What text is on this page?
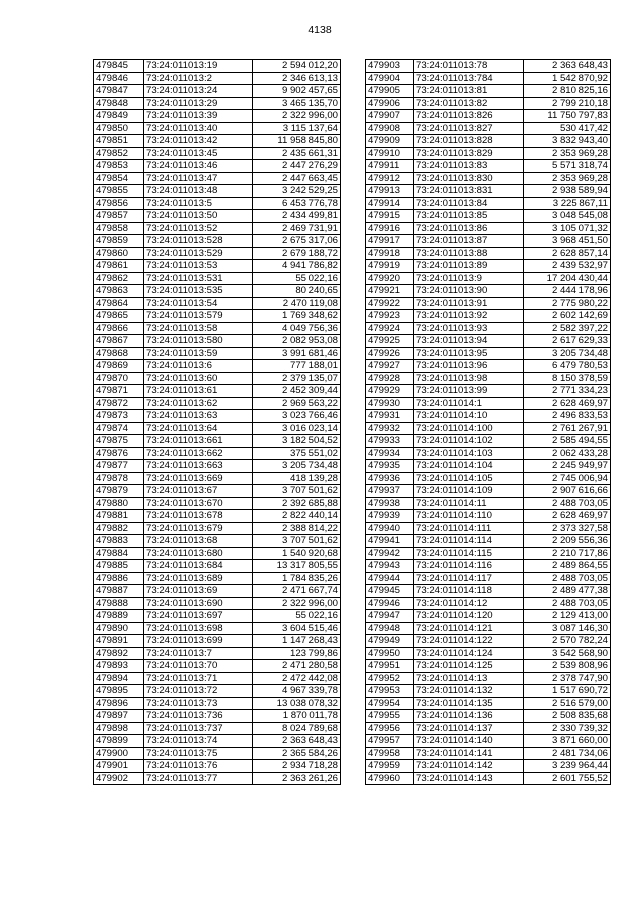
4138
479845	73:24:011013:19	2 594 012,20
479846	73:24:011013:2	2 346 613,13
479847	73:24:011013:24	9 902 457,65
479848	73:24:011013:29	3 465 135,70
479849	73:24:011013:39	2 322 996,00
479850	73:24:011013:40	3 115 137,64
479851	73:24:011013:42	11 958 845,80
479852	73:24:011013:45	2 435 661,31
479853	73:24:011013:46	2 447 276,29
479854	73:24:011013:47	2 447 663,45
479855	73:24:011013:48	3 242 529,25
479856	73:24:011013:5	6 453 776,78
479857	73:24:011013:50	2 434 499,81
479858	73:24:011013:52	2 469 731,91
479859	73:24:011013:528	2 675 317,06
479860	73:24:011013:529	2 679 188,72
479861	73:24:011013:53	4 941 786,82
479862	73:24:011013:531	55 022,16
479863	73:24:011013:535	80 240,65
479864	73:24:011013:54	2 470 119,08
479865	73:24:011013:579	1 769 348,62
479866	73:24:011013:58	4 049 756,36
479867	73:24:011013:580	2 082 953,08
479868	73:24:011013:59	3 991 681,46
479869	73:24:011013:6	777 188,01
479870	73:24:011013:60	2 379 135,07
479871	73:24:011013:61	2 452 309,44
479872	73:24:011013:62	2 969 563,22
479873	73:24:011013:63	3 023 766,46
479874	73:24:011013:64	3 016 023,14
479875	73:24:011013:661	3 182 504,52
479876	73:24:011013:662	375 551,02
479877	73:24:011013:663	3 205 734,48
479878	73:24:011013:669	418 139,28
479879	73:24:011013:67	3 707 501,62
479880	73:24:011013:670	2 392 685,88
479881	73:24:011013:678	2 822 440,14
479882	73:24:011013:679	2 388 814,22
479883	73:24:011013:68	3 707 501,62
479884	73:24:011013:680	1 540 920,68
479885	73:24:011013:684	13 317 805,55
479886	73:24:011013:689	1 784 835,26
479887	73:24:011013:69	2 471 667,74
479888	73:24:011013:690	2 322 996,00
479889	73:24:011013:697	55 022,16
479890	73:24:011013:698	3 604 515,46
479891	73:24:011013:699	1 147 268,43
479892	73:24:011013:7	123 799,86
479893	73:24:011013:70	2 471 280,58
479894	73:24:011013:71	2 472 442,08
479895	73:24:011013:72	4 967 339,78
479896	73:24:011013:73	13 038 078,32
479897	73:24:011013:736	1 870 011,78
479898	73:24:011013:737	8 024 789,68
479899	73:24:011013:74	2 363 648,43
479900	73:24:011013:75	2 365 584,26
479901	73:24:011013:76	2 934 718,28
479902	73:24:011013:77	2 363 261,26
479903	73:24:011013:78	2 363 648,43
479904	73:24:011013:784	1 542 870,92
479905	73:24:011013:81	2 810 825,16
479906	73:24:011013:82	2 799 210,18
479907	73:24:011013:826	11 750 797,83
479908	73:24:011013:827	530 417,42
479909	73:24:011013:828	3 832 943,40
479910	73:24:011013:829	2 353 969,28
479911	73:24:011013:83	5 571 318,74
479912	73:24:011013:830	2 353 969,28
479913	73:24:011013:831	2 938 589,94
479914	73:24:011013:84	3 225 867,11
479915	73:24:011013:85	3 048 545,08
479916	73:24:011013:86	3 105 071,32
479917	73:24:011013:87	3 968 451,50
479918	73:24:011013:88	2 628 857,14
479919	73:24:011013:89	2 439 532,97
479920	73:24:011013:9	17 204 430,44
479921	73:24:011013:90	2 444 178,96
479922	73:24:011013:91	2 775 980,22
479923	73:24:011013:92	2 602 142,69
479924	73:24:011013:93	2 582 397,22
479925	73:24:011013:94	2 617 629,33
479926	73:24:011013:95	3 205 734,48
479927	73:24:011013:96	6 479 780,53
479928	73:24:011013:98	8 150 378,59
479929	73:24:011013:99	2 771 334,23
479930	73:24:011014:1	2 628 469,97
479931	73:24:011014:10	2 496 833,53
479932	73:24:011014:100	2 761 267,91
479933	73:24:011014:102	2 585 494,55
479934	73:24:011014:103	2 062 433,28
479935	73:24:011014:104	2 245 949,97
479936	73:24:011014:105	2 745 006,94
479937	73:24:011014:109	2 907 616,66
479938	73:24:011014:11	2 488 703,05
479939	73:24:011014:110	2 628 469,97
479940	73:24:011014:111	2 373 327,58
479941	73:24:011014:114	2 209 556,36
479942	73:24:011014:115	2 210 717,86
479943	73:24:011014:116	2 489 864,55
479944	73:24:011014:117	2 488 703,05
479945	73:24:011014:118	2 489 477,38
479946	73:24:011014:12	2 488 703,05
479947	73:24:011014:120	2 129 413,00
479948	73:24:011014:121	3 087 146,30
479949	73:24:011014:122	2 570 782,24
479950	73:24:011014:124	3 542 568,90
479951	73:24:011014:125	2 539 808,96
479952	73:24:011014:13	2 378 747,90
479953	73:24:011014:132	1 517 690,72
479954	73:24:011014:135	2 516 579,00
479955	73:24:011014:136	2 508 835,68
479956	73:24:011014:137	2 330 739,32
479957	73:24:011014:140	3 871 660,00
479958	73:24:011014:141	2 481 734,06
479959	73:24:011014:142	3 239 964,44
479960	73:24:011014:143	2 601 755,52
